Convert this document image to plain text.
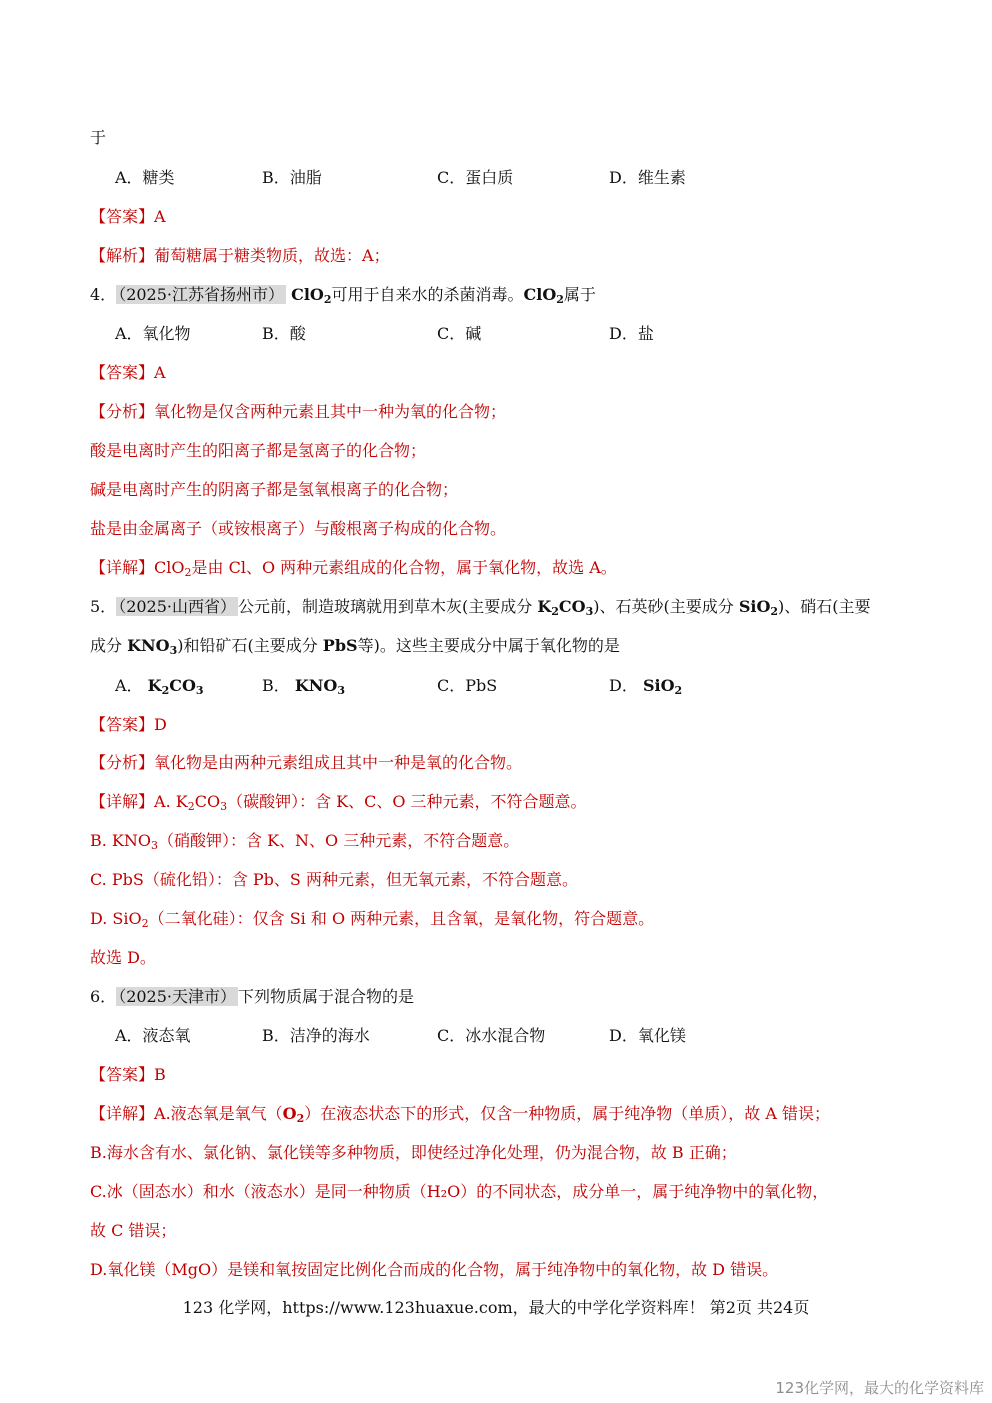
于
A．糖类	B．油脂	C．蛋白质	D．维生素
【答案】A
【解析】葡萄糖属于糖类物质，故选：A；
4． （2025·江苏省扬州市） ClO$_2$可用于自来水的杀菌消毒。ClO$_2$属于
A．氧化物	B．酸	C．碱	D．盐
【答案】A
【分析】氧化物是仅含两种元素且其中一种为氧的化合物；
酸是电离时产生的阳离子都是氢离子的化合物；
碱是电离时产生的阴离子都是氢氧根离子的化合物；
盐是由金属离子（或铵根离子）与酸根离子构成的化合物。
【详解】ClO$_2$是由 Cl、O 两种元素组成的化合物，属于氧化物，故选 A。
5． （2025·山西省） 公元前，制造玻璃就用到草木灰(主要成分 $K_2CO_3$)、石英砂(主要成分 SiO$_2$)、硝石(主要
成分 $KNO_3$)和铅矿石(主要成分 PbS等)。这些主要成分中属于氧化物的是
A． $K_2CO_3$	B． $KNO_3$	C．PbS	D． SiO$_2$
【答案】D
【分析】氧化物是由两种元素组成且其中一种是氧的化合物。
【详解】A. $K_2CO_3$（碳酸钾）：含 K、C、O 三种元素，不符合题意。
B. $KNO_3$（硝酸钾）：含 K、N、O 三种元素，不符合题意。
C. PbS（硫化铅）：含 Pb、S 两种元素，但无氧元素，不符合题意。
D. SiO$_2$（二氧化硅）：仅含 Si 和 O 两种元素，且含氧，是氧化物，符合题意。
故选 D。
6． （2025·天津市） 下列物质属于混合物的是
A．液态氧	B．洁净的海水	C．冰水混合物	D．氧化镁
【答案】B
【详解】A.液态氧是氧气$(O_2)$在液态状态下的形式，仅含一种物质，属于纯净物（单质），故 A 错误；
B.海水含有水、氯化钠、氯化镁等多种物质，即使经过净化处理，仍为混合物，故 B 正确；
C.冰（固态水）和水（液态水）是同一种物质（H₂O）的不同状态，成分单一，属于纯净物中的氧化物，
故 C 错误；
D.氧化镁（MgO）是镁和氧按固定比例化合而成的化合物，属于纯净物中的氧化物，故 D 错误。
123 化学网，https://www.123huaxue.com，最大的中学化学资料库！ 第2页 共24页
123化学网，最大的化学资料库
